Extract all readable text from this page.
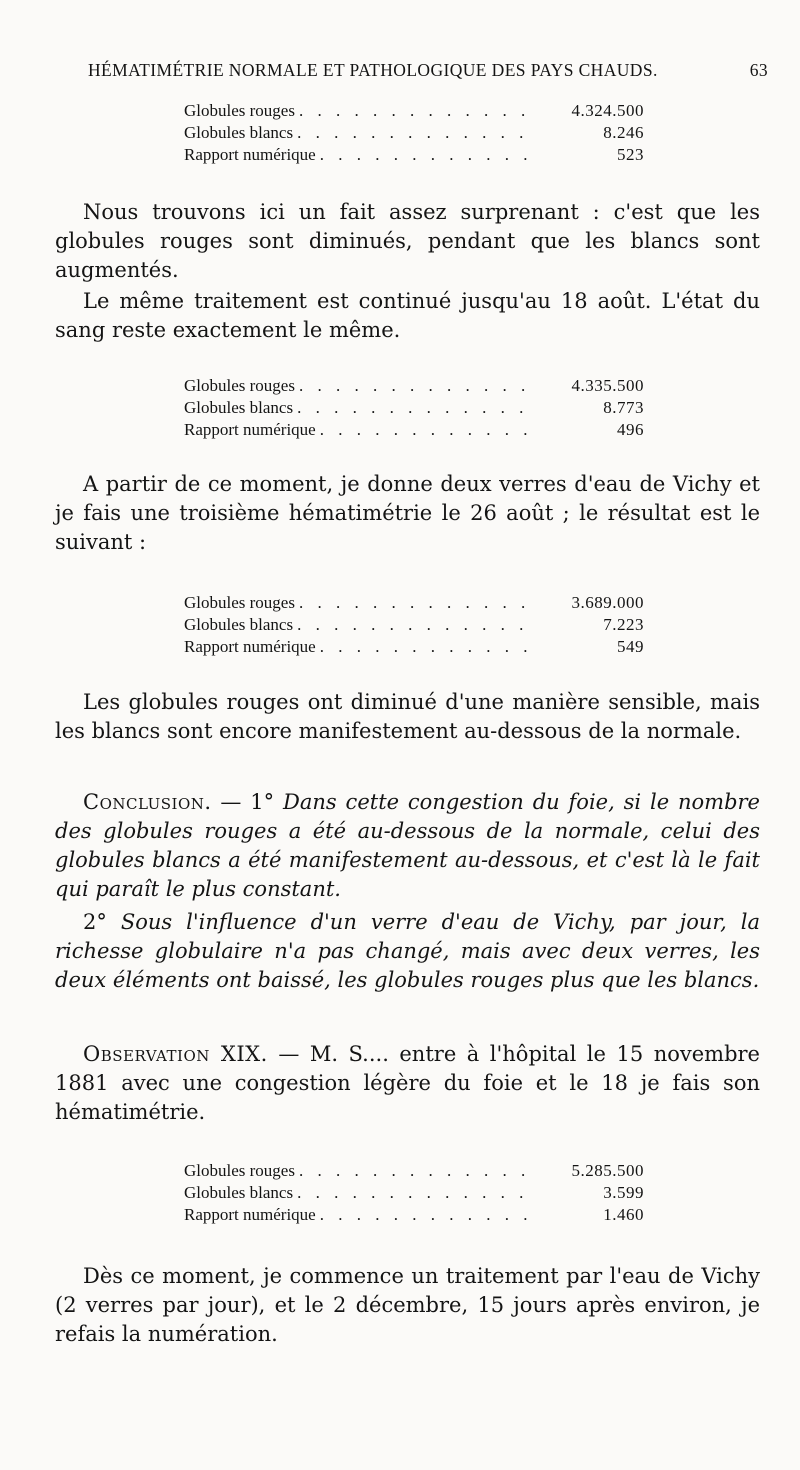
HÉMATIMÉTRIE NORMALE ET PATHOLOGIQUE DES PAYS CHAUDS.	63
Globules rouges . . .	4.324.500
Globules blancs . . .	8.246
Rapport numérique . . .	523

Nous trouvons ici un fait assez surprenant : c'est que les globules rouges sont diminués, pendant que les blancs sont augmentés.

Le même traitement est continué jusqu'au 18 août. L'état du sang reste exactement le même.

Globules rouges . . .	4.335.500
Globules blancs . . .	8.773
Rapport numérique . . .	496

A partir de ce moment, je donne deux verres d'eau de Vichy et je fais une troisième hématimétrie le 26 août ; le résultat est le suivant :

Globules rouges . . .	3.689.000
Globules blancs . . .	7.223
Rapport numérique . . .	549

Les globules rouges ont diminué d'une manière sensible, mais les blancs sont encore manifestement au-dessous de la normale.

Conclusion. — 1° Dans cette congestion du foie, si le nombre des globules rouges a été au-dessous de la normale, celui des globules blancs a été manifestement au-dessous, et c'est là le fait qui paraît le plus constant.

2° Sous l'influence d'un verre d'eau de Vichy, par jour, la richesse globulaire n'a pas changé, mais avec deux verres, les deux éléments ont baissé, les globules rouges plus que les blancs.

Observation XIX. — M. S.... entre à l'hôpital le 15 novembre 1881 avec une congestion légère du foie et le 18 je fais son hématimétrie.

Globules rouges . . .	5.285.500
Globules blancs . . .	3.599
Rapport numérique . . .	1.460

Dès ce moment, je commence un traitement par l'eau de Vichy (2 verres par jour), et le 2 décembre, 15 jours après environ, je refais la numération.
